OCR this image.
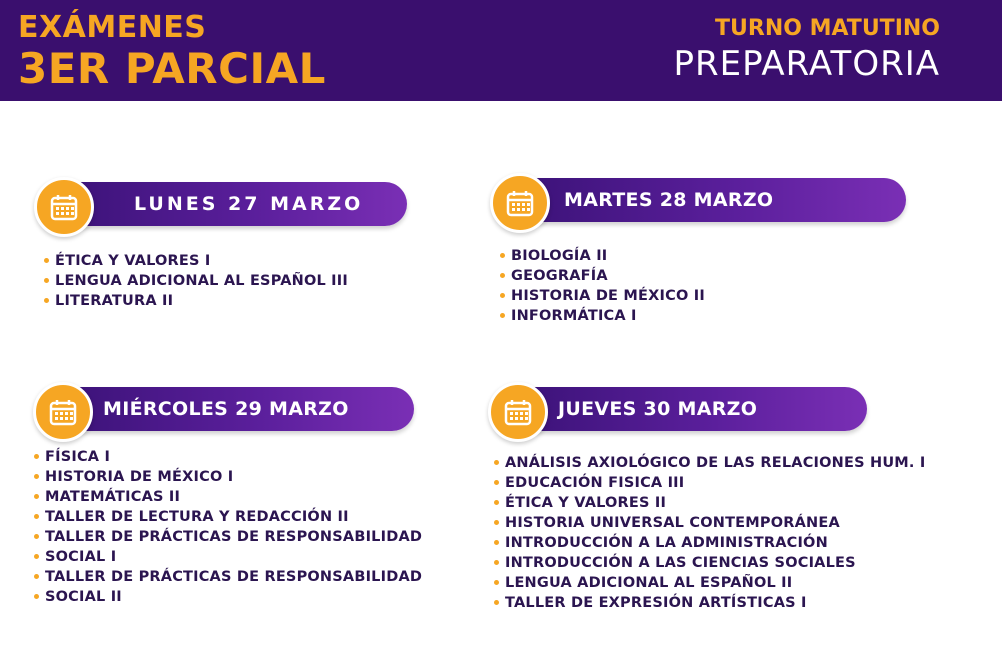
EXÁMENES
3ER PARCIAL
TURNO MATUTINO
PREPARATORIA
LUNES 27 MARZO
ÉTICA Y VALORES I
LENGUA ADICIONAL AL ESPAÑOL III
LITERATURA II
MARTES 28 MARZO
BIOLOGÍA II
GEOGRAFÍA
HISTORIA DE MÉXICO II
INFORMÁTICA I
MIÉRCOLES 29 MARZO
FÍSICA I
HISTORIA DE MÉXICO I
MATEMÁTICAS II
TALLER DE LECTURA Y REDACCIÓN II
TALLER DE PRÁCTICAS DE RESPONSABILIDAD
SOCIAL I
TALLER DE PRÁCTICAS DE RESPONSABILIDAD
SOCIAL II
JUEVES 30 MARZO
ANÁLISIS AXIOLÓGICO DE LAS RELACIONES HUM. I
EDUCACIÓN FISICA III
ÉTICA Y VALORES II
HISTORIA UNIVERSAL CONTEMPORÁNEA
INTRODUCCIÓN A LA ADMINISTRACIÓN
INTRODUCCIÓN A LAS CIENCIAS SOCIALES
LENGUA ADICIONAL AL ESPAÑOL II
TALLER DE EXPRESIÓN ARTÍSTICAS I
